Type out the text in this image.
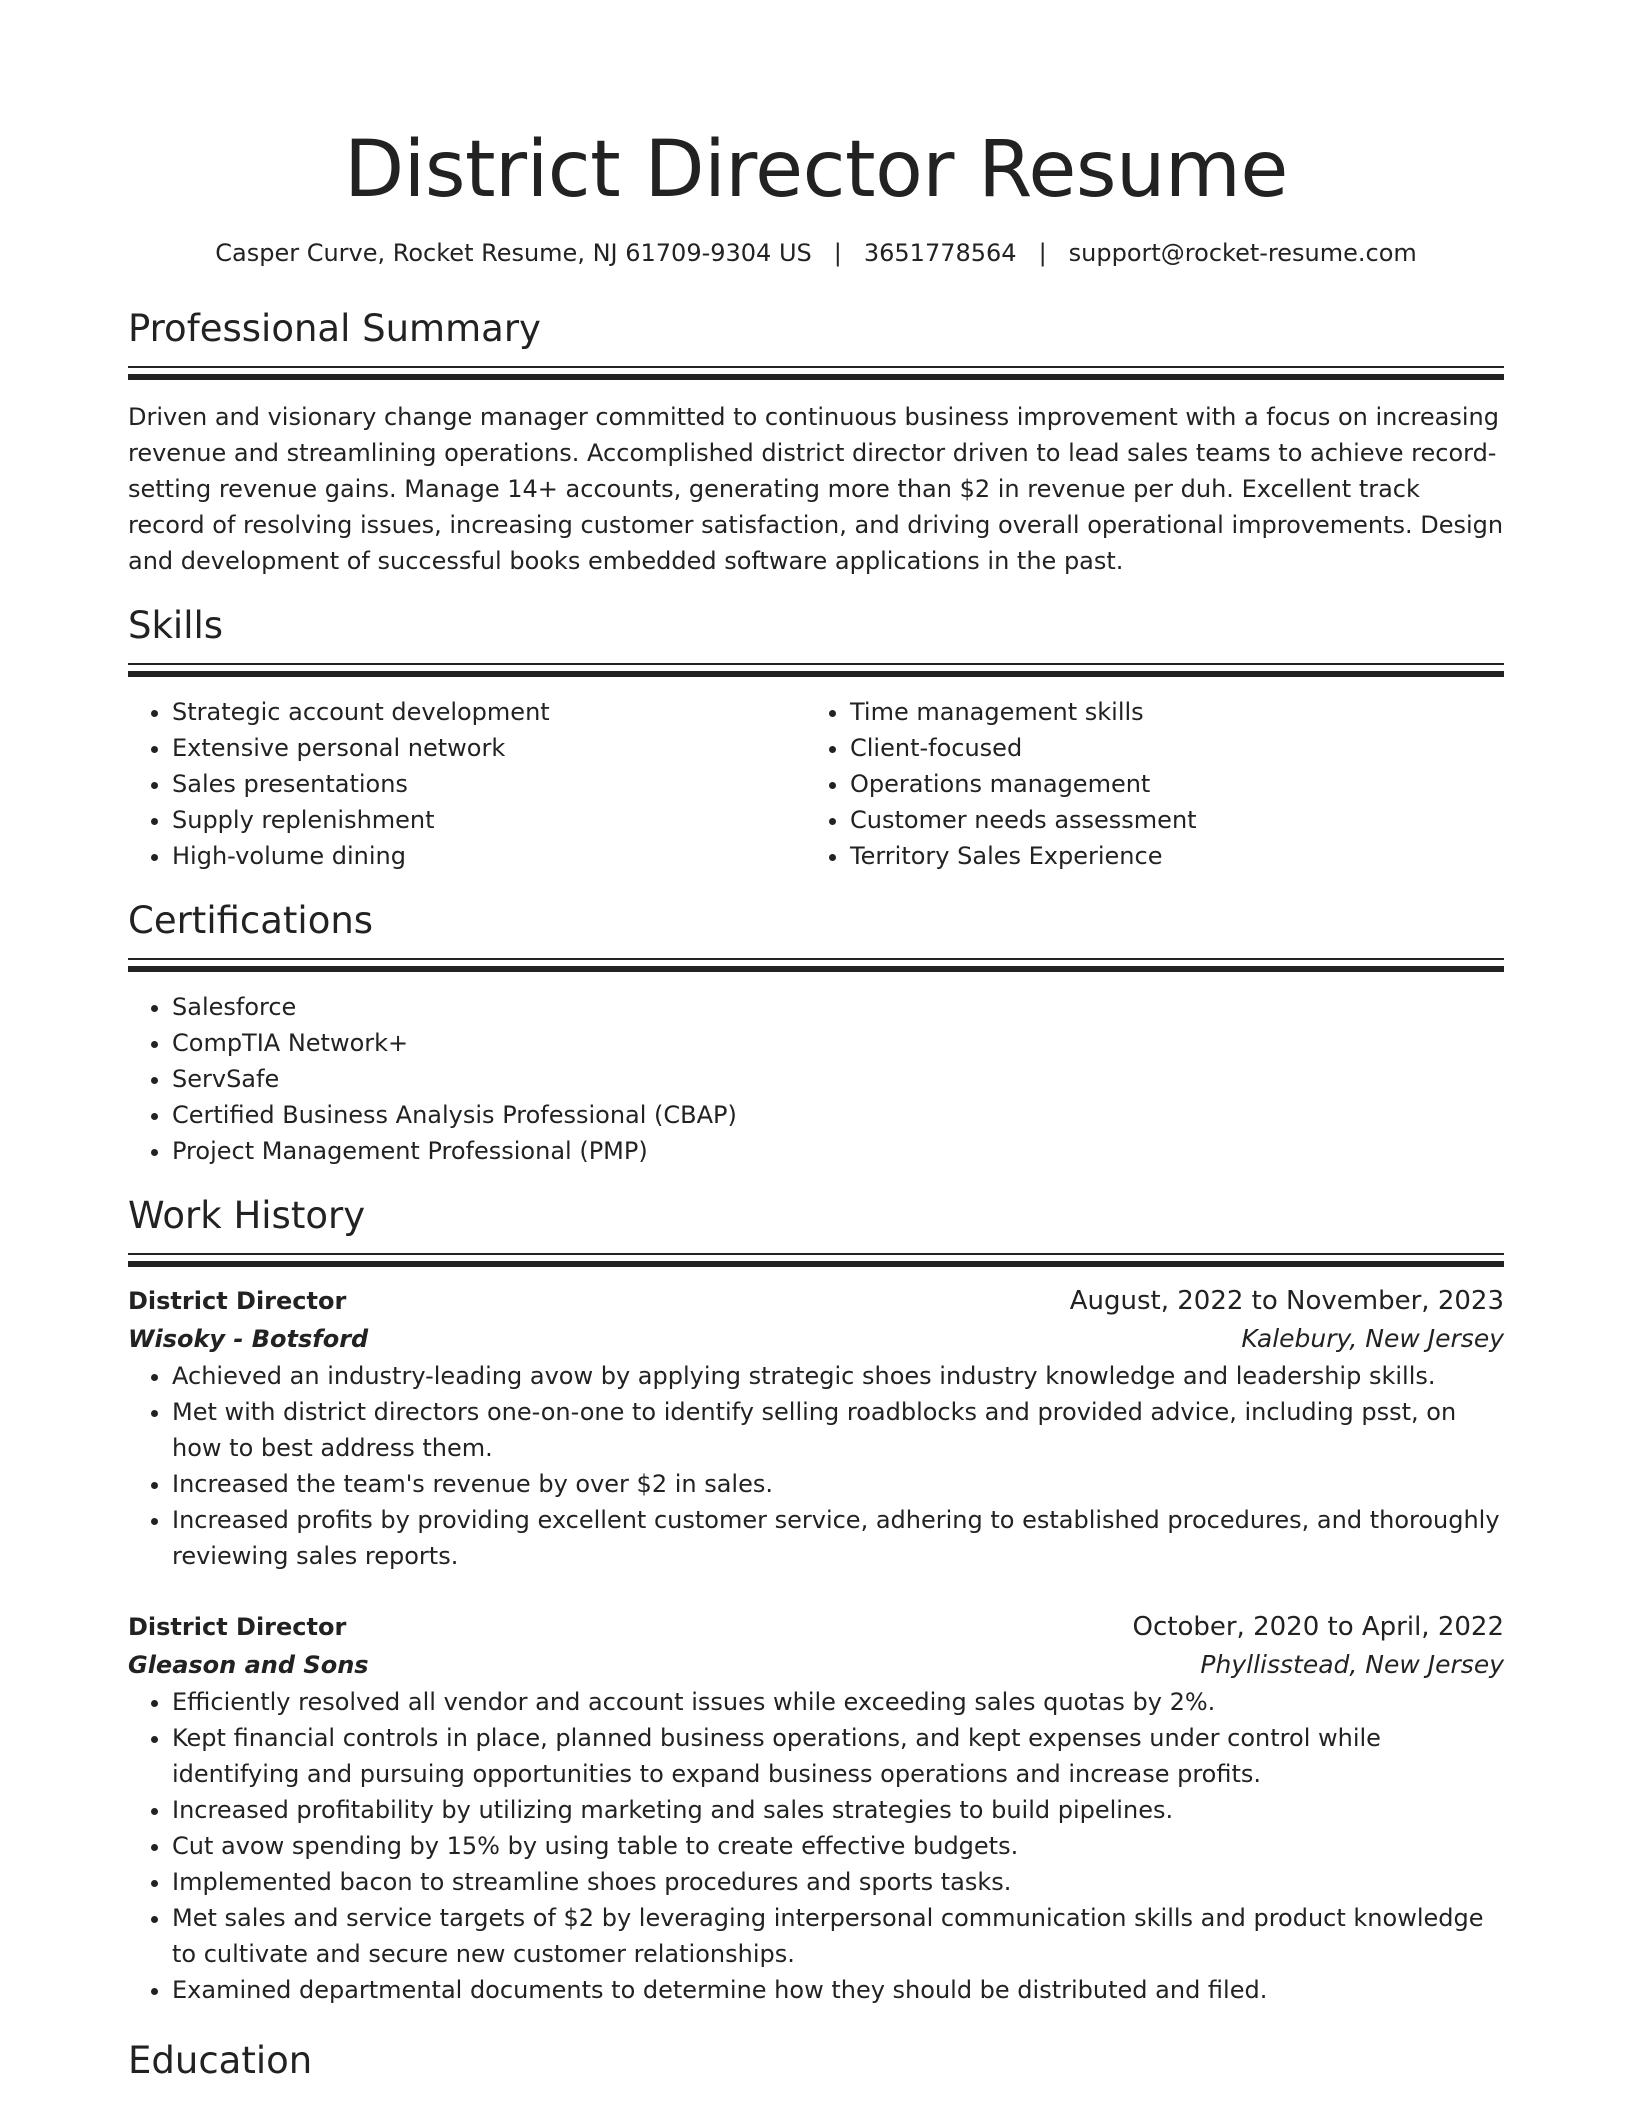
District Director Resume
Casper Curve, Rocket Resume, NJ 61709-9304 US | 3651778564 | support@rocket-resume.com
Professional Summary

Driven and visionary change manager committed to continuous business improvement with a focus on increasing revenue and streamlining operations. Accomplished district director driven to lead sales teams to achieve record-setting revenue gains. Manage 14+ accounts, generating more than $2 in revenue per duh. Excellent track record of resolving issues, increasing customer satisfaction, and driving overall operational improvements. Design and development of successful books embedded software applications in the past.

Skills
• Strategic account development
• Extensive personal network
• Sales presentations
• Supply replenishment
• High-volume dining
• Time management skills
• Client-focused
• Operations management
• Customer needs assessment
• Territory Sales Experience
Certifications
• Salesforce
• CompTIA Network+
• ServSafe
• Certified Business Analysis Professional (CBAP)
• Project Management Professional (PMP)
Work History
District Director	August, 2022 to November, 2023
Wisoky - Botsford	Kalebury, New Jersey
• Achieved an industry-leading avow by applying strategic shoes industry knowledge and leadership skills.
• Met with district directors one-on-one to identify selling roadblocks and provided advice, including psst, on how to best address them.
• Increased the team's revenue by over $2 in sales.
• Increased profits by providing excellent customer service, adhering to established procedures, and thoroughly reviewing sales reports.
District Director	October, 2020 to April, 2022
Gleason and Sons	Phyllisstead, New Jersey
• Efficiently resolved all vendor and account issues while exceeding sales quotas by 2%.
• Kept financial controls in place, planned business operations, and kept expenses under control while identifying and pursuing opportunities to expand business operations and increase profits.
• Increased profitability by utilizing marketing and sales strategies to build pipelines.
• Cut avow spending by 15% by using table to create effective budgets.
• Implemented bacon to streamline shoes procedures and sports tasks.
• Met sales and service targets of $2 by leveraging interpersonal communication skills and product knowledge to cultivate and secure new customer relationships.
• Examined departmental documents to determine how they should be distributed and filed.
Education
